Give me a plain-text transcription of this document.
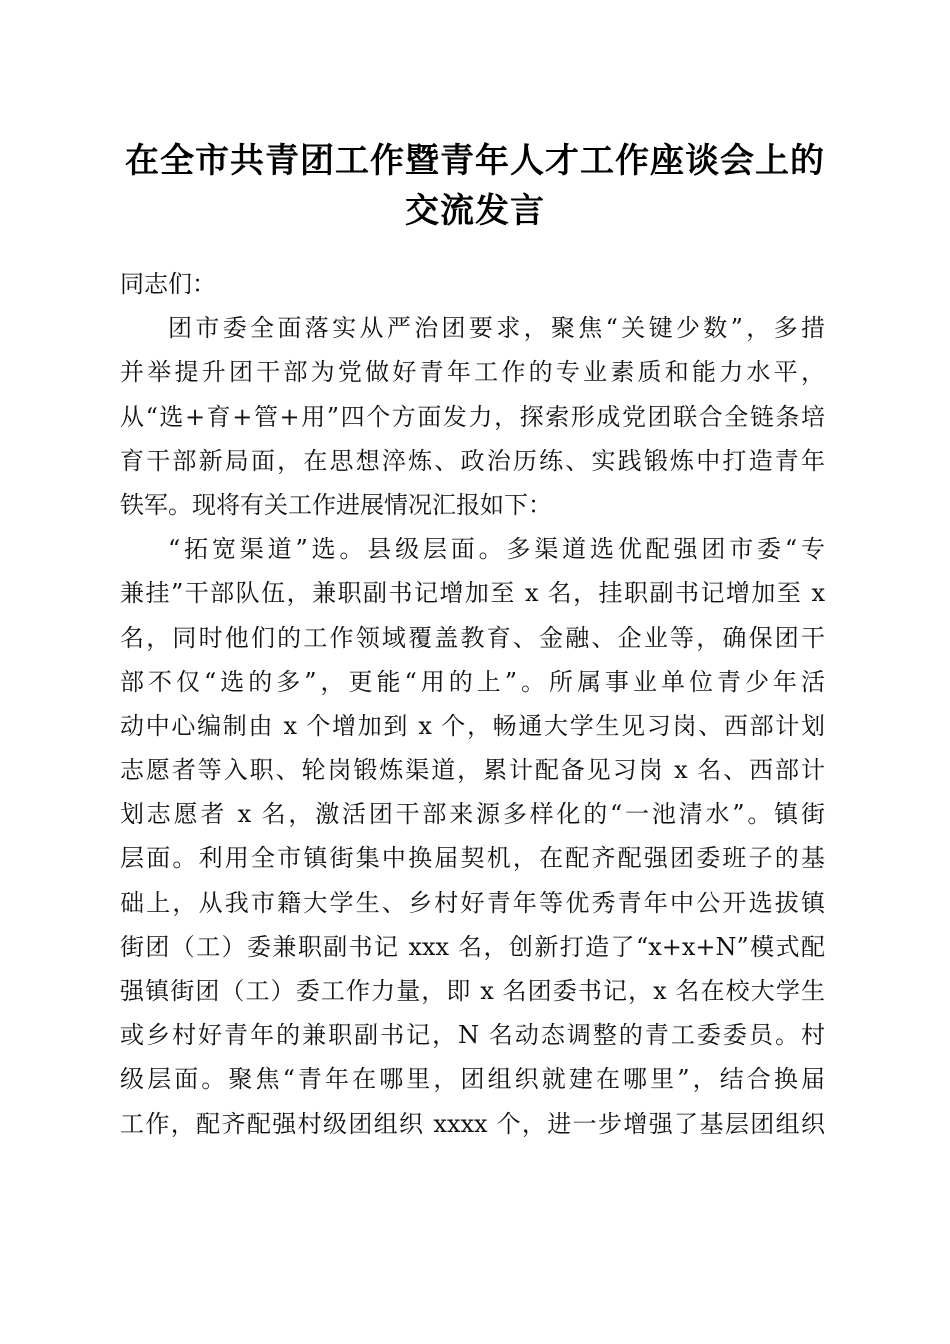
在全市共青团工作暨青年人才工作座谈会上的
交流发言
同志们：
团市委全面落实从严治团要求，聚焦“关键少数”，多措
并举提升团干部为党做好青年工作的专业素质和能力水平，
从“选+育+管+用”四个方面发力，探索形成党团联合全链条培
育干部新局面，在思想淬炼、政治历练、实践锻炼中打造青年
铁军。现将有关工作进展情况汇报如下：
“拓宽渠道”选。县级层面。多渠道选优配强团市委“专
兼挂”干部队伍，兼职副书记增加至 x 名，挂职副书记增加至 x
名，同时他们的工作领域覆盖教育、金融、企业等，确保团干
部不仅“选的多”，更能“用的上”。所属事业单位青少年活
动中心编制由 x 个增加到 x 个，畅通大学生见习岗、西部计划
志愿者等入职、轮岗锻炼渠道，累计配备见习岗 x 名、西部计
划志愿者 x 名，激活团干部来源多样化的“一池清水”。镇街
层面。利用全市镇街集中换届契机，在配齐配强团委班子的基
础上，从我市籍大学生、乡村好青年等优秀青年中公开选拔镇
街团（工）委兼职副书记 xxx 名，创新打造了“x+x+N”模式配
强镇街团（工）委工作力量，即 x 名团委书记，x 名在校大学生
或乡村好青年的兼职副书记，N 名动态调整的青工委委员。村
级层面。聚焦“青年在哪里，团组织就建在哪里”，结合换届
工作，配齐配强村级团组织 xxxx 个，进一步增强了基层团组织
